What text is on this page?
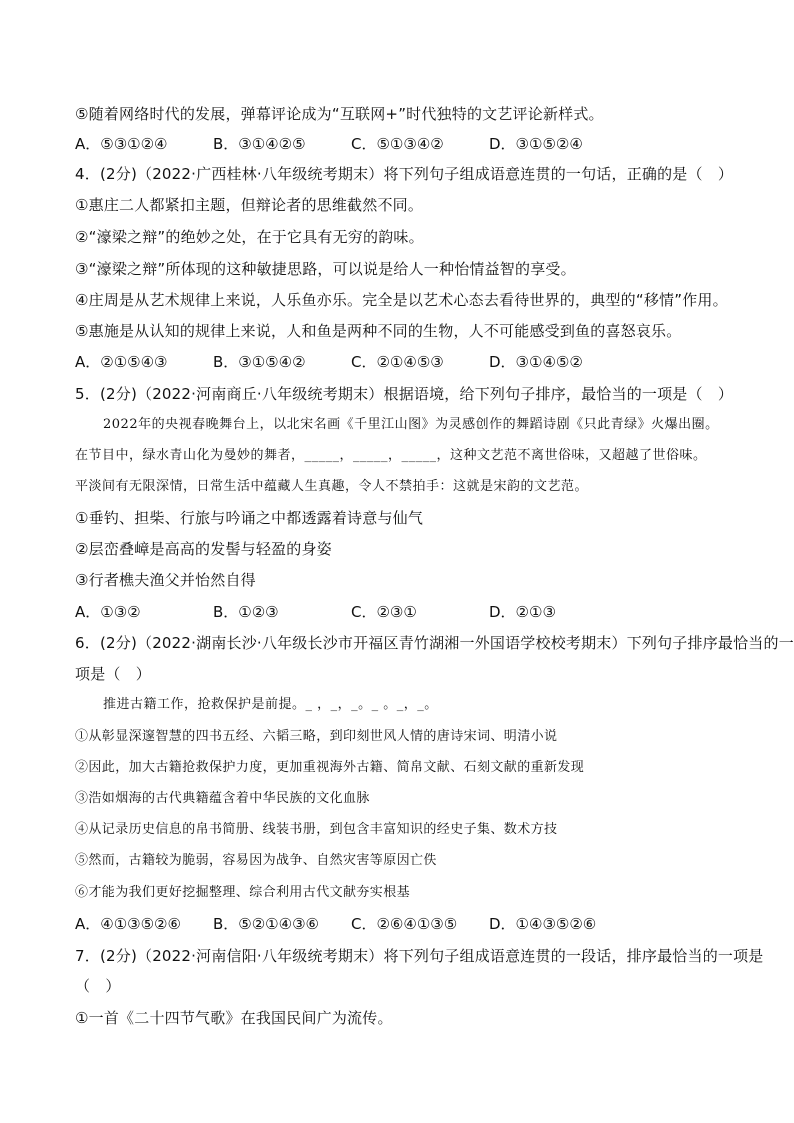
⑤随着网络时代的发展，弹幕评论成为“互联网+”时代独特的文艺评论新样式。
A．⑤③①②④	B．③①④②⑤	C．⑤①③④②	D．③①⑤②④
4．(2分)（2022·广西桂林·八年级统考期末）将下列句子组成语意连贯的一句话，正确的是（　）
①惠庄二人都紧扣主题，但辩论者的思维截然不同。
②“濠梁之辩”的绝妙之处，在于它具有无穷的韵味。
③“濠梁之辩”所体现的这种敏捷思路，可以说是给人一种怡情益智的享受。
④庄周是从艺术规律上来说，人乐鱼亦乐。完全是以艺术心态去看待世界的，典型的“移情”作用。
⑤惠施是从认知的规律上来说，人和鱼是两种不同的生物，人不可能感受到鱼的喜怒哀乐。
A．②①⑤④③	B．③①⑤④②	C．②①④⑤③	D．③①④⑤②
5．(2分)（2022·河南商丘·八年级统考期末）根据语境，给下列句子排序，最恰当的一项是（　）
2022年的央视春晚舞台上，以北宋名画《千里江山图》为灵感创作的舞蹈诗剧《只此青绿》火爆出圈。
在节目中，绿水青山化为曼妙的舞者，_____，_____，_____，这种文艺范不离世俗味，又超越了世俗味。
平淡间有无限深情，日常生活中蕴藏人生真趣，令人不禁拍手：这就是宋韵的文艺范。
①垂钓、担柴、行旅与吟诵之中都透露着诗意与仙气
②层峦叠嶂是高高的发髻与轻盈的身姿
③行者樵夫渔父并怡然自得
A．①③②	B．①②③	C．②③①	D．②①③
6．(2分)（2022·湖南长沙·八年级长沙市开福区青竹湖湘一外国语学校校考期末）下列句子排序最恰当的一
项是（　）
推进古籍工作，抢救保护是前提。_ ，_，_。_ 。_，_。
①从彰显深邃智慧的四书五经、六韬三略，到印刻世风人情的唐诗宋词、明清小说
②因此，加大古籍抢救保护力度，更加重视海外古籍、简帛文献、石刻文献的重新发现
③浩如烟海的古代典籍蕴含着中华民族的文化血脉
④从记录历史信息的帛书简册、线装书册，到包含丰富知识的经史子集、数术方技
⑤然而，古籍较为脆弱，容易因为战争、自然灾害等原因亡佚
⑥才能为我们更好挖掘整理、综合利用古代文献夯实根基
A．④①③⑤②⑥ B．⑤②①④③⑥ C．②⑥④①③⑤ D．①④③⑤②⑥
7．(2分)（2022·河南信阳·八年级统考期末）将下列句子组成语意连贯的一段话，排序最恰当的一项是
（　）
①一首《二十四节气歌》在我国民间广为流传。
